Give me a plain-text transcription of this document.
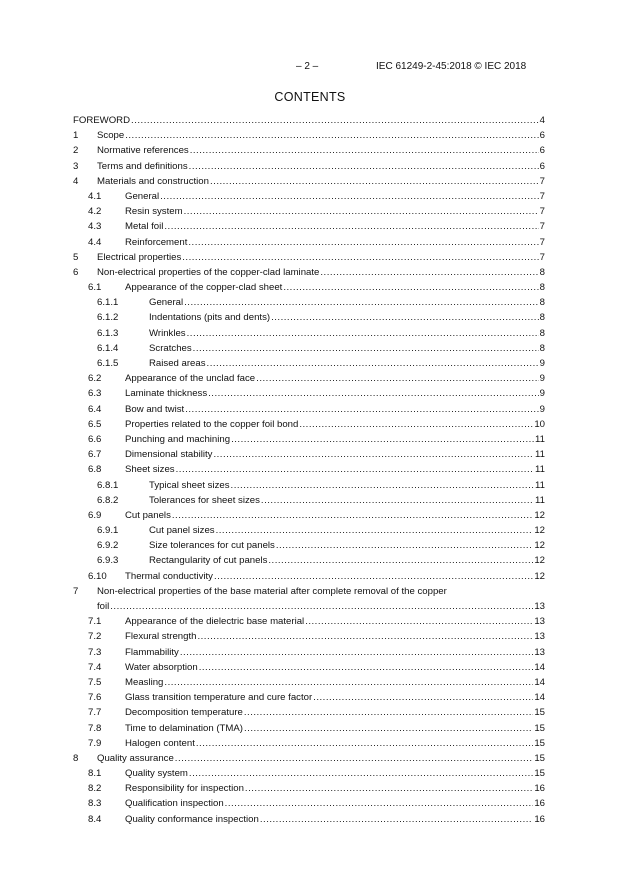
– 2 –	IEC 61249-2-45:2018 © IEC 2018
CONTENTS
FOREWORD .....	4
1 Scope .....	6
2 Normative references .....	6
3 Terms and definitions .....	6
4 Materials and construction .....	7
4.1 General .....	7
4.2 Resin system .....	7
4.3 Metal foil .....	7
4.4 Reinforcement .....	7
5 Electrical properties .....	7
6 Non-electrical properties of the copper-clad laminate .....	8
6.1 Appearance of the copper-clad sheet .....	8
6.1.1	General .....	8
6.1.2	Indentations (pits and dents) .....	8
6.1.3	Wrinkles .....	8
6.1.4	Scratches .....	8
6.1.5	Raised areas .....	9
6.2 Appearance of the unclad face .....	9
6.3 Laminate thickness .....	9
6.4 Bow and twist .....	9
6.5 Properties related to the copper foil bond .....	10
6.6 Punching and machining .....	11
6.7 Dimensional stability .....	11
6.8 Sheet sizes .....	11
6.8.1	Typical sheet sizes .....	11
6.8.2	Tolerances for sheet sizes .....	11
6.9 Cut panels .....	12
6.9.1	Cut panel sizes .....	12
6.9.2	Size tolerances for cut panels .....	12
6.9.3	Rectangularity of cut panels .....	12
6.10 Thermal conductivity .....	12
7 Non-electrical properties of the base material after complete removal of the copper
foil .....	13
7.1 Appearance of the dielectric base material .....	13
7.2 Flexural strength .....	13
7.3 Flammability .....	13
7.4 Water absorption .....	14
7.5 Measling .....	14
7.6 Glass transition temperature and cure factor .....	14
7.7 Decomposition temperature .....	15
7.8 Time to delamination (TMA) .....	15
7.9 Halogen content .....	15
8 Quality assurance .....	15
8.1 Quality system .....	15
8.2 Responsibility for inspection .....	16
8.3 Qualification inspection .....	16
8.4 Quality conformance inspection .....	16
